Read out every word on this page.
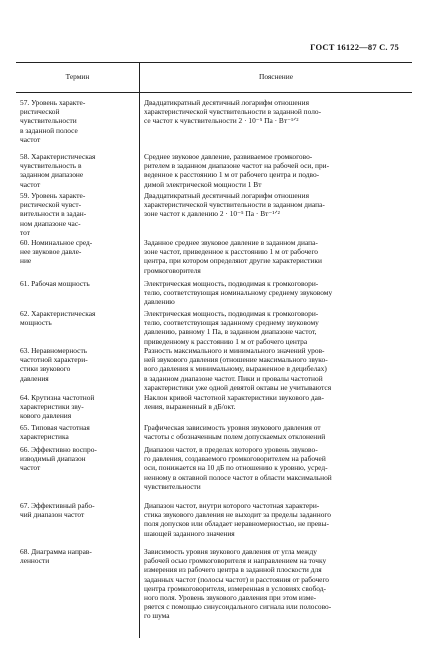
ГОСТ 16122—87 С. 75
Термин	Пояснение
57. Уровень характе-
ристической
чувствительности
в заданной полосе
частот
Двадцатикратный десятичный логарифм отношения
характеристической чувствительности в заданной поло-
се частот к чувствительности 2 · 10⁻⁵ Па · Вт⁻¹ᐟ²
58. Характеристическая
чувствительность в
заданном диапазоне
частот
Среднее звуковое давление, развиваемое громкогово-
рителем в заданном диапазоне частот на рабочей оси, при-
веденное к расстоянию 1 м от рабочего центра и подво-
димой электрической мощности 1 Вт
59. Уровень характе-
ристической чувст-
вительности в задан-
ном диапазоне час-
тот
Двадцатикратный десятичный логарифм отношения
характеристической чувствительности в заданном диапа-
зоне частот к давлению 2 · 10⁻⁵ Па · Вт⁻¹ᐟ²
60. Номинальное сред-
нее звуковое давле-
ние
Заданное среднее звуковое давление в заданном диапа-
зоне частот, приведенное к расстоянию 1 м от рабочего
центра, при котором определяют другие характеристики
громкоговорителя
61. Рабочая мощность	Электрическая мощность, подводимая к громкоговори-
телю, соответствующая номинальному среднему звуковому
давлению
62. Характеристическая
мощность
Электрическая мощность, подводимая к громкоговори-
телю, соответствующая заданному среднему звуковому
давлению, равному 1 Па, в заданном диапазоне частот,
приведенному к расстоянию 1 м от рабочего центра
63. Неравномерность
частотной характери-
стики звукового
давления
Разность максимального и минимального значений уров-
ней звукового давления (отношение максимального звуко-
вого давления к минимальному, выраженное в децибелах)
в заданном диапазоне частот. Пики и провалы частотной
характеристики уже одной девятой октавы не учитываются
64. Крутизна частотной
характеристики зву-
кового давления
Наклон кривой частотной характеристики звукового дав-
ления, выраженный в дБ/окт.
65. Типовая частотная
характеристика
Графическая зависимость уровня звукового давления от
частоты с обозначенным полем допускаемых отклонений
66. Эффективно воспро-
изводимый диапазон
частот
Диапазон частот, в пределах которого уровень звуково-
го давления, создаваемого громкоговорителем на рабочей
оси, понижается на 10 дБ по отношению к уровню, усред-
ненному в октавной полосе частот в области максимальной
чувствительности
67. Эффективный рабо-
чий диапазон частот
Диапазон частот, внутри которого частотная характери-
стика звукового давления не выходит за пределы заданного
поля допусков или обладает неравномерностью, не превы-
шающей заданного значения
68. Диаграмма направ-
ленности
Зависимость уровня звукового давления от угла между
рабочей осью громкоговорителя и направлением на точку
измерения из рабочего центра в заданной плоскости для
заданных частот (полосы частот) и расстояния от рабочего
центра громкоговорителя, измеренная в условиях свобод-
ного поля. Уровень звукового давления при этом изме-
ряется с помощью синусоидального сигнала или полосово-
го шума
